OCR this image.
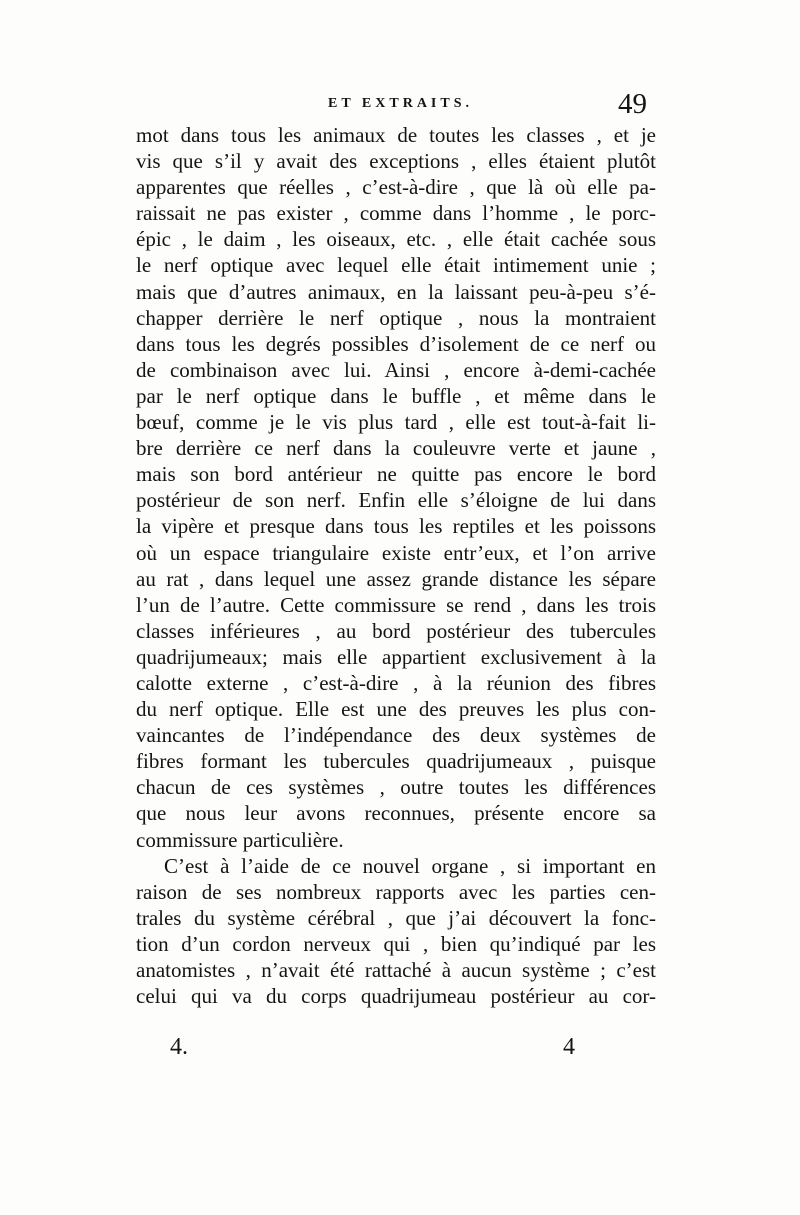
ET EXTRAITS.	49
mot dans tous les animaux de toutes les classes , et je
vis que s’il y avait des exceptions , elles étaient plutôt
apparentes que réelles , c’est-à-dire , que là où elle pa-
raissait ne pas exister , comme dans l’homme , le porc-
épic , le daim , les oiseaux, etc. , elle était cachée sous
le nerf optique avec lequel elle était intimement unie ;
mais que d’autres animaux, en la laissant peu-à-peu s’é-
chapper derrière le nerf optique , nous la montraient
dans tous les degrés possibles d’isolement de ce nerf ou
de combinaison avec lui. Ainsi , encore à-demi-cachée
par le nerf optique dans le buffle , et même dans le
bœuf, comme je le vis plus tard , elle est tout-à-fait li-
bre derrière ce nerf dans la couleuvre verte et jaune ,
mais son bord antérieur ne quitte pas encore le bord
postérieur de son nerf. Enfin elle s’éloigne de lui dans
la vipère et presque dans tous les reptiles et les poissons
où un espace triangulaire existe entr’eux, et l’on arrive
au rat , dans lequel une assez grande distance les sépare
l’un de l’autre. Cette commissure se rend , dans les trois
classes inférieures , au bord postérieur des tubercules
quadrijumeaux; mais elle appartient exclusivement à la
calotte externe , c’est-à-dire , à la réunion des fibres
du nerf optique. Elle est une des preuves les plus con-
vaincantes de l’indépendance des deux systèmes de
fibres formant les tubercules quadrijumeaux , puisque
chacun de ces systèmes , outre toutes les différences
que nous leur avons reconnues, présente encore sa
commissure particulière.
C’est à l’aide de ce nouvel organe , si important en
raison de ses nombreux rapports avec les parties cen-
trales du système cérébral , que j’ai découvert la fonc-
tion d’un cordon nerveux qui , bien qu’indiqué par les
anatomistes , n’avait été rattaché à aucun système ; c’est
celui qui va du corps quadrijumeau postérieur au cor-
4.	4
